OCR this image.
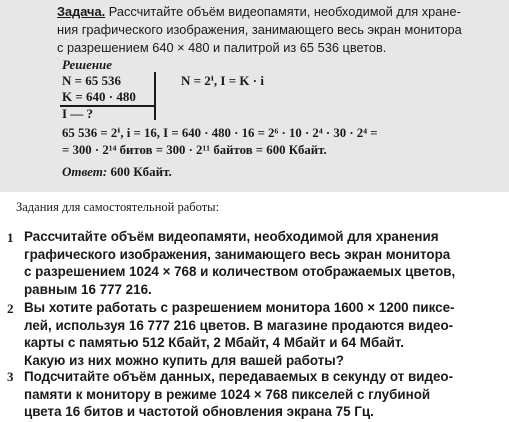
Задача. Рассчитайте объём видеопамяти, необходимой для хране-
ния графического изображения, занимающего весь экран монитора
с разрешением 640 × 480 и палитрой из 65 536 цветов.
Решение
N = 65 536
K = 640 · 480
I — ?
N = 2ⁱ, I = K · i
65 536 = 2ⁱ, i = 16, I = 640 · 480 · 16 = 2⁶ · 10 · 2⁴ · 30 · 2⁴ =
= 300 · 2¹⁴ битов = 300 · 2¹¹ байтов = 600 Кбайт.
Ответ: 600 Кбайт.
Задания для самостоятельной работы:
1 Рассчитайте объём видеопамяти, необходимой для хранения
графического изображения, занимающего весь экран монитора
с разрешением 1024 × 768 и количеством отображаемых цветов,
равным 16 777 216.
2 Вы хотите работать с разрешением монитора 1600 × 1200 пиксе-
лей, используя 16 777 216 цветов. В магазине продаются видео-
карты с памятью 512 Кбайт, 2 Мбайт, 4 Мбайт и 64 Мбайт.
Какую из них можно купить для вашей работы?
3 Подсчитайте объём данных, передаваемых в секунду от видео-
памяти к монитору в режиме 1024 × 768 пикселей с глубиной
цвета 16 битов и частотой обновления экрана 75 Гц.
